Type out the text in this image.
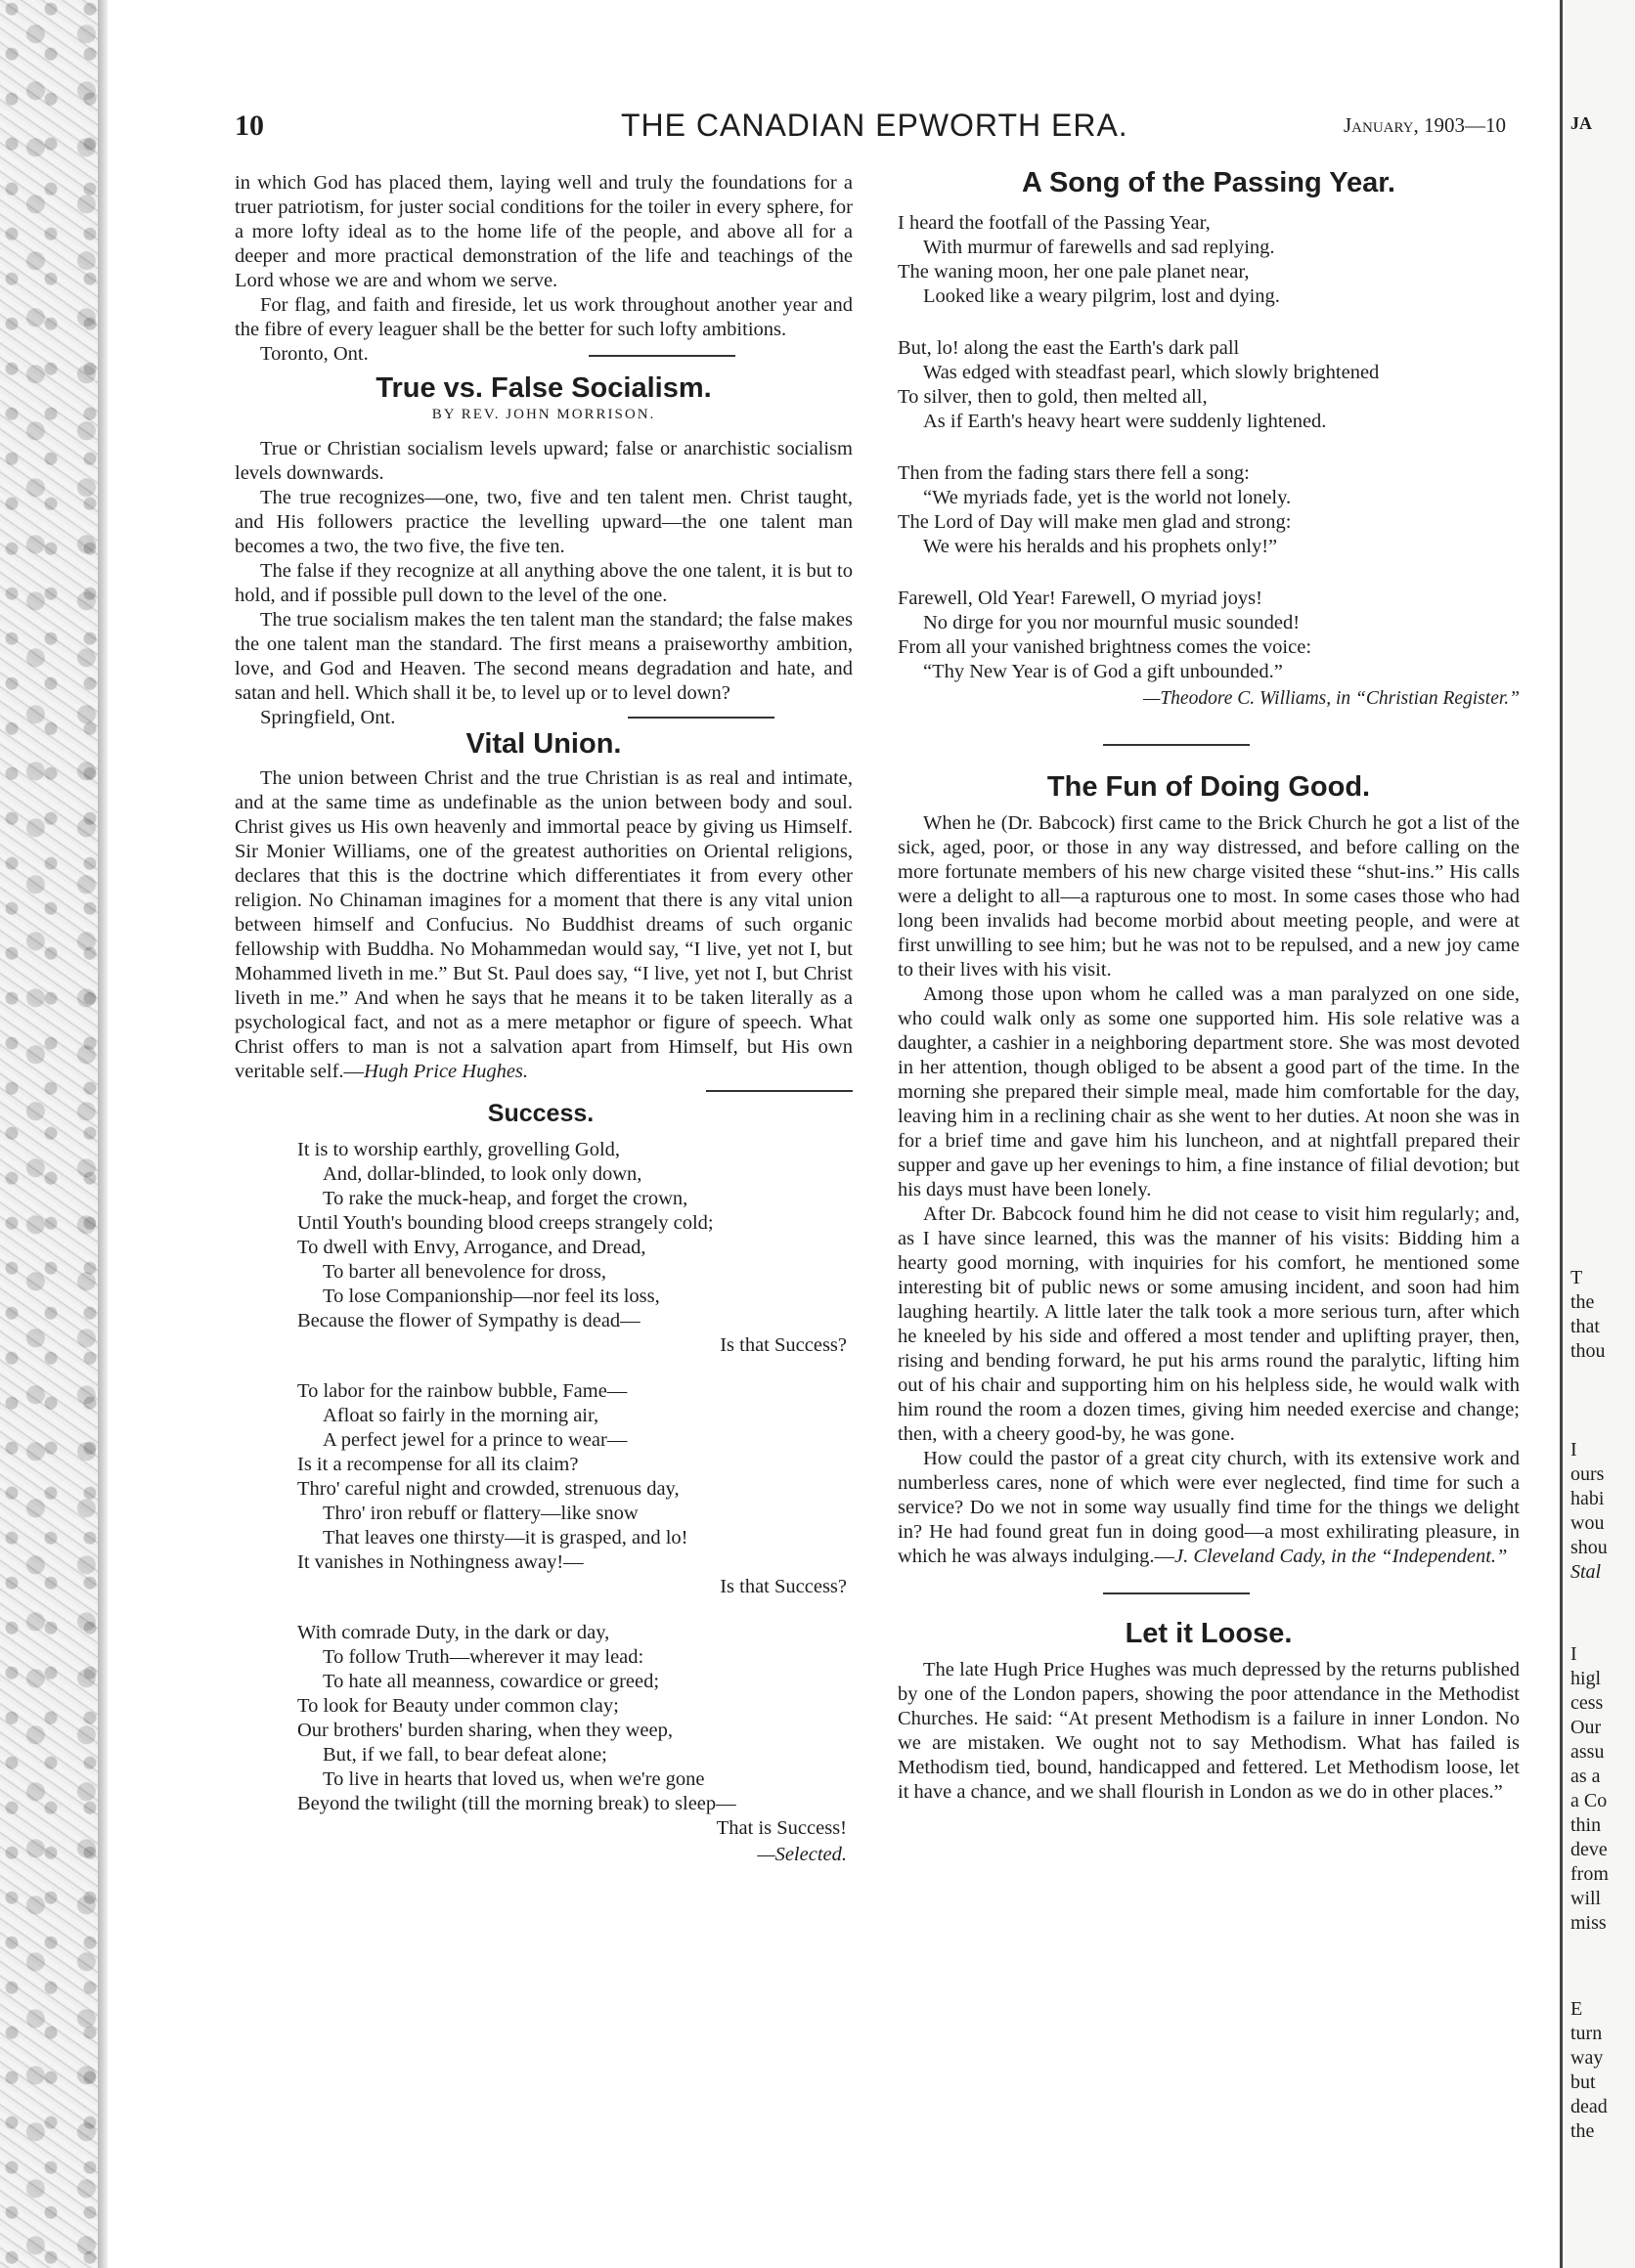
JA
T
the
that
thou
I
ours
habi
wou
shou
Stal
I
higl
cess
Our
assu
as a
a Co
thin
deve
from
will
miss
E
turn
way
but
dead
the
10	THE CANADIAN EPWORTH ERA.	January, 1903—10

in which God has placed them, laying well and truly the foundations for a truer patriotism, for juster social conditions for the toiler in every sphere, for a more lofty ideal as to the home life of the people, and above all for a deeper and more practical demonstration of the life and teachings of the Lord whose we are and whom we serve.

For flag, and faith and fireside, let us work throughout another year and the fibre of every leaguer shall be the better for such lofty ambitions.

Toronto, Ont.

True vs. False Socialism.

BY REV. JOHN MORRISON.

True or Christian socialism levels upward; false or anarchistic socialism levels downwards.

The true recognizes—one, two, five and ten talent men. Christ taught, and His followers practice the levelling upward—the one talent man becomes a two, the two five, the five ten.

The false if they recognize at all anything above the one talent, it is but to hold, and if possible pull down to the level of the one.

The true socialism makes the ten talent man the standard; the false makes the one talent man the standard. The first means a praiseworthy ambition, love, and God and Heaven. The second means degradation and hate, and satan and hell. Which shall it be, to level up or to level down?

Springfield, Ont.

Vital Union.

The union between Christ and the true Christian is as real and intimate, and at the same time as undefinable as the union between body and soul. Christ gives us His own heavenly and immortal peace by giving us Himself. Sir Monier Williams, one of the greatest authorities on Oriental religions, declares that this is the doctrine which differentiates it from every other religion. No Chinaman imagines for a moment that there is any vital union between himself and Confucius. No Buddhist dreams of such organic fellowship with Buddha. No Mohammedan would say, “I live, yet not I, but Mohammed liveth in me.” But St. Paul does say, “I live, yet not I, but Christ liveth in me.” And when he says that he means it to be taken literally as a psychological fact, and not as a mere metaphor or figure of speech. What Christ offers to man is not a salvation apart from Himself, but His own veritable self.—Hugh Price Hughes.

Success.

It is to worship earthly, grovelling Gold,

And, dollar-blinded, to look only down,

To rake the muck-heap, and forget the crown,

Until Youth's bounding blood creeps strangely cold;

To dwell with Envy, Arrogance, and Dread,

To barter all benevolence for dross,

To lose Companionship—nor feel its loss,

Because the flower of Sympathy is dead—

Is that Success?

To labor for the rainbow bubble, Fame—

Afloat so fairly in the morning air,

A perfect jewel for a prince to wear—

Is it a recompense for all its claim?

Thro' careful night and crowded, strenuous day,

Thro' iron rebuff or flattery—like snow

That leaves one thirsty—it is grasped, and lo!

It vanishes in Nothingness away!—

Is that Success?

With comrade Duty, in the dark or day,

To follow Truth—wherever it may lead:

To hate all meanness, cowardice or greed;

To look for Beauty under common clay;

Our brothers' burden sharing, when they weep,

But, if we fall, to bear defeat alone;

To live in hearts that loved us, when we're gone

Beyond the twilight (till the morning break) to sleep—

That is Success!

—Selected.

A Song of the Passing Year.

I heard the footfall of the Passing Year,

With murmur of farewells and sad replying.

The waning moon, her one pale planet near,

Looked like a weary pilgrim, lost and dying.

But, lo! along the east the Earth's dark pall

Was edged with steadfast pearl, which slowly brightened

To silver, then to gold, then melted all,

As if Earth's heavy heart were suddenly lightened.

Then from the fading stars there fell a song:

“We myriads fade, yet is the world not lonely.

The Lord of Day will make men glad and strong:

We were his heralds and his prophets only!”

Farewell, Old Year! Farewell, O myriad joys!

No dirge for you nor mournful music sounded!

From all your vanished brightness comes the voice:

“Thy New Year is of God a gift unbounded.”

—Theodore C. Williams, in “Christian Register.”

The Fun of Doing Good.

When he (Dr. Babcock) first came to the Brick Church he got a list of the sick, aged, poor, or those in any way distressed, and before calling on the more fortunate members of his new charge visited these “shut-ins.” His calls were a delight to all—a rapturous one to most. In some cases those who had long been invalids had become morbid about meeting people, and were at first unwilling to see him; but he was not to be repulsed, and a new joy came to their lives with his visit.

Among those upon whom he called was a man paralyzed on one side, who could walk only as some one supported him. His sole relative was a daughter, a cashier in a neighboring department store. She was most devoted in her attention, though obliged to be absent a good part of the time. In the morning she prepared their simple meal, made him comfortable for the day, leaving him in a reclining chair as she went to her duties. At noon she was in for a brief time and gave him his luncheon, and at nightfall prepared their supper and gave up her evenings to him, a fine instance of filial devotion; but his days must have been lonely.

After Dr. Babcock found him he did not cease to visit him regularly; and, as I have since learned, this was the manner of his visits: Bidding him a hearty good morning, with inquiries for his comfort, he mentioned some interesting bit of public news or some amusing incident, and soon had him laughing heartily. A little later the talk took a more serious turn, after which he kneeled by his side and offered a most tender and uplifting prayer, then, rising and bending forward, he put his arms round the paralytic, lifting him out of his chair and supporting him on his helpless side, he would walk with him round the room a dozen times, giving him needed exercise and change; then, with a cheery good-by, he was gone.

How could the pastor of a great city church, with its extensive work and numberless cares, none of which were ever neglected, find time for such a service? Do we not in some way usually find time for the things we delight in? He had found great fun in doing good—a most exhilirating pleasure, in which he was always indulging.—J. Cleveland Cady, in the “Independent.”

Let it Loose.

The late Hugh Price Hughes was much depressed by the returns published by one of the London papers, showing the poor attendance in the Methodist Churches. He said: “At present Methodism is a failure in inner London. No we are mistaken. We ought not to say Methodism. What has failed is Methodism tied, bound, handicapped and fettered. Let Methodism loose, let it have a chance, and we shall flourish in London as we do in other places.”
